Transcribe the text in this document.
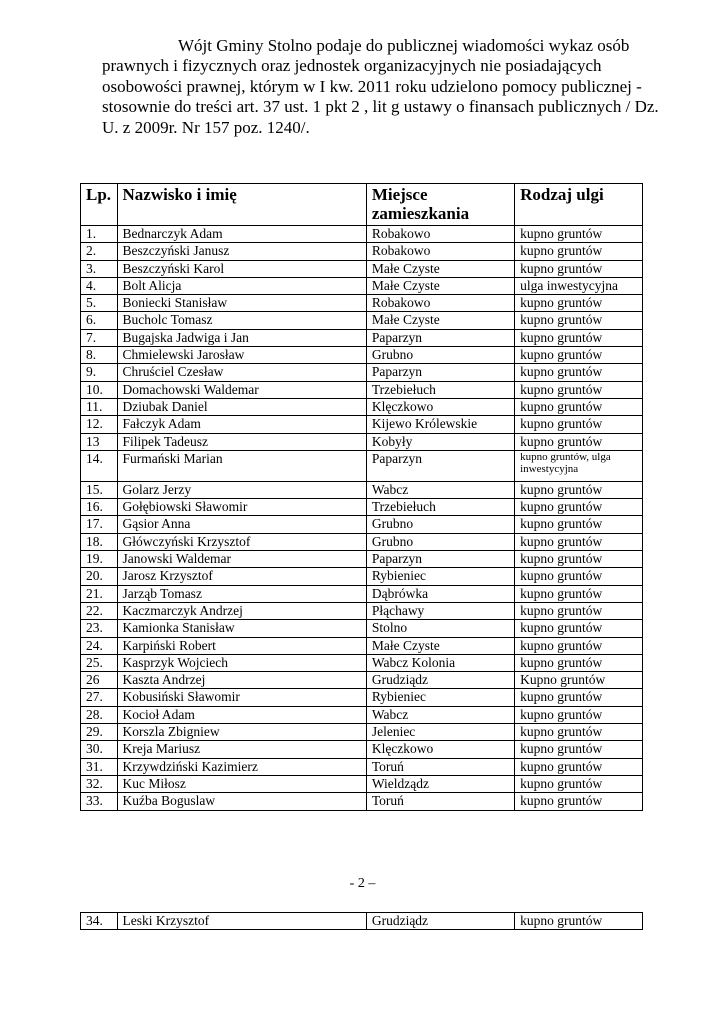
Wójt Gminy Stolno podaje do publicznej wiadomości wykaz osób prawnych i fizycznych oraz jednostek organizacyjnych nie posiadających osobowości prawnej, którym w I kw. 2011 roku udzielono pomocy publicznej - stosownie do treści art. 37 ust. 1 pkt 2 , lit g ustawy o finansach publicznych / Dz. U. z 2009r. Nr 157 poz. 1240/.

Lp.	Nazwisko i imię	Miejsce zamieszkania	Rodzaj ulgi
1.	Bednarczyk Adam	Robakowo	kupno gruntów
2.	Beszczyński Janusz	Robakowo	kupno gruntów
3.	Beszczyński Karol	Małe Czyste	kupno gruntów
4.	Bolt Alicja	Małe Czyste	ulga inwestycyjna
5.	Boniecki Stanisław	Robakowo	kupno gruntów
6.	Bucholc Tomasz	Małe Czyste	kupno gruntów
7.	Bugajska Jadwiga i Jan	Paparzyn	kupno gruntów
8.	Chmielewski Jarosław	Grubno	kupno gruntów
9.	Chruściel Czesław	Paparzyn	kupno gruntów
10.	Domachowski Waldemar	Trzebiełuch	kupno gruntów
11.	Dziubak Daniel	Klęczkowo	kupno gruntów
12.	Fałczyk Adam	Kijewo Królewskie	kupno gruntów
13	Filipek Tadeusz	Kobyły	kupno gruntów
14.	Furmański Marian	Paparzyn	kupno gruntów, ulga inwestycyjna
15.	Golarz Jerzy	Wabcz	kupno gruntów
16.	Gołębiowski Sławomir	Trzebiełuch	kupno gruntów
17.	Gąsior Anna	Grubno	kupno gruntów
18.	Główczyński Krzysztof	Grubno	kupno gruntów
19.	Janowski Waldemar	Paparzyn	kupno gruntów
20.	Jarosz Krzysztof	Rybieniec	kupno gruntów
21.	Jarząb Tomasz	Dąbrówka	kupno gruntów
22.	Kaczmarczyk Andrzej	Płąchawy	kupno gruntów
23.	Kamionka Stanisław	Stolno	kupno gruntów
24.	Karpiński Robert	Małe Czyste	kupno gruntów
25.	Kasprzyk Wojciech	Wabcz Kolonia	kupno gruntów
26	Kaszta Andrzej	Grudziądz	Kupno gruntów
27.	Kobusiński Sławomir	Rybieniec	kupno gruntów
28.	Kocioł Adam	Wabcz	kupno gruntów
29.	Korszla Zbigniew	Jeleniec	kupno gruntów
30.	Kreja Mariusz	Klęczkowo	kupno gruntów
31.	Krzywdziński Kazimierz	Toruń	kupno gruntów
32.	Kuc Miłosz	Wieldządz	kupno gruntów
33.	Kuźba Boguslaw	Toruń	kupno gruntów
- 2 –
34.	Leski Krzysztof	Grudziądz	kupno gruntów
